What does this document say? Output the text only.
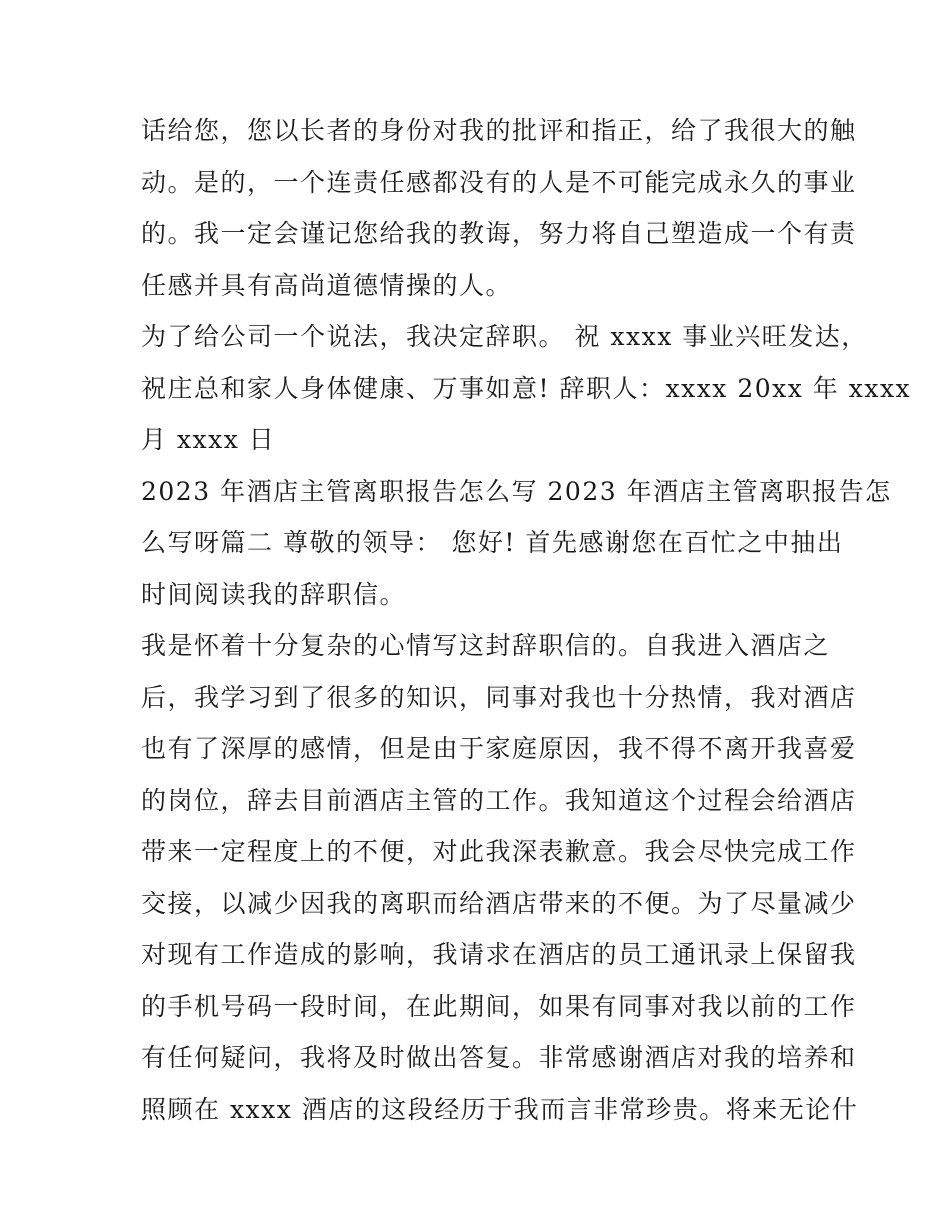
话给您，您以长者的身份对我的批评和指正，给了我很大的触
动。是的，一个连责任感都没有的人是不可能完成永久的事业
的。我一定会谨记您给我的教诲，努力将自己塑造成一个有责
任感并具有高尚道德情操的人。
为了给公司一个说法，我决定辞职。 祝 xxxx 事业兴旺发达，
祝庄总和家人身体健康、万事如意! 辞职人：xxxx 20xx 年 xxxx
月 xxxx 日
2023 年酒店主管离职报告怎么写 2023 年酒店主管离职报告怎
么写呀篇二 尊敬的领导： 您好! 首先感谢您在百忙之中抽出
时间阅读我的辞职信。
我是怀着十分复杂的心情写这封辞职信的。自我进入酒店之
后，我学习到了很多的知识，同事对我也十分热情，我对酒店
也有了深厚的感情，但是由于家庭原因，我不得不离开我喜爱
的岗位，辞去目前酒店主管的工作。我知道这个过程会给酒店
带来一定程度上的不便，对此我深表歉意。我会尽快完成工作
交接，以减少因我的离职而给酒店带来的不便。为了尽量减少
对现有工作造成的影响，我请求在酒店的员工通讯录上保留我
的手机号码一段时间，在此期间，如果有同事对我以前的工作
有任何疑问，我将及时做出答复。非常感谢酒店对我的培养和
照顾在 xxxx 酒店的这段经历于我而言非常珍贵。将来无论什
